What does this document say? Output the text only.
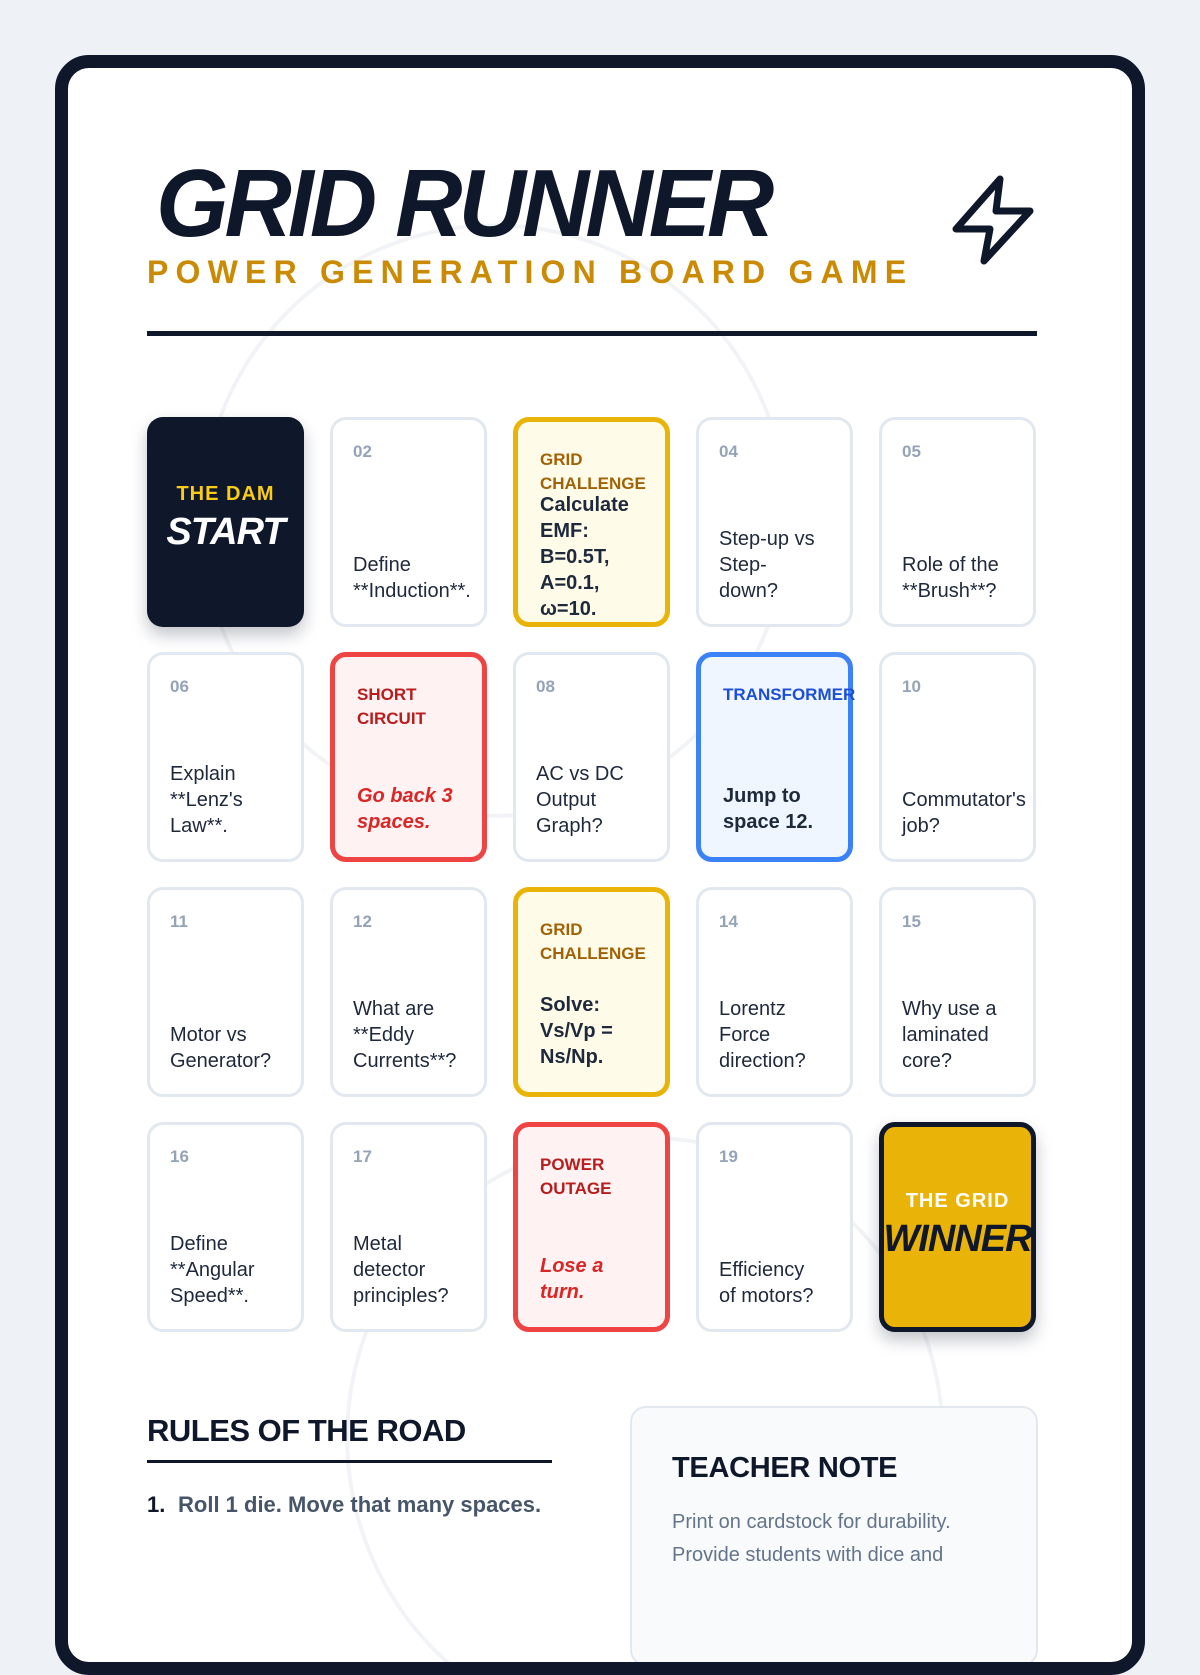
GRID RUNNER
POWER GENERATION BOARD GAME
THE DAM
START
02
Define
**Induction**.
GRID
CHALLENGE
Calculate
EMF:
B=0.5T,
A=0.1,
ω=10.
04
Step-up vs
Step-
down?
05
Role of the
**Brush**?
06
Explain
**Lenz's
Law**.
SHORT
CIRCUIT
Go back 3
spaces.
08
AC vs DC
Output
Graph?
TRANSFORMER
Jump to
space 12.
10
Commutator's
job?
11
Motor vs
Generator?
12
What are
**Eddy
Currents**?
GRID
CHALLENGE
Solve:
Vs/Vp =
Ns/Np.
14
Lorentz
Force
direction?
15
Why use a
laminated
core?
16
Define
**Angular
Speed**.
17
Metal
detector
principles?
POWER
OUTAGE
Lose a
turn.
19
Efficiency
of motors?
THE GRID
WINNER
RULES OF THE ROAD
1. Roll 1 die. Move that many spaces.
TEACHER NOTE
Print on cardstock for durability. Provide students with dice and
